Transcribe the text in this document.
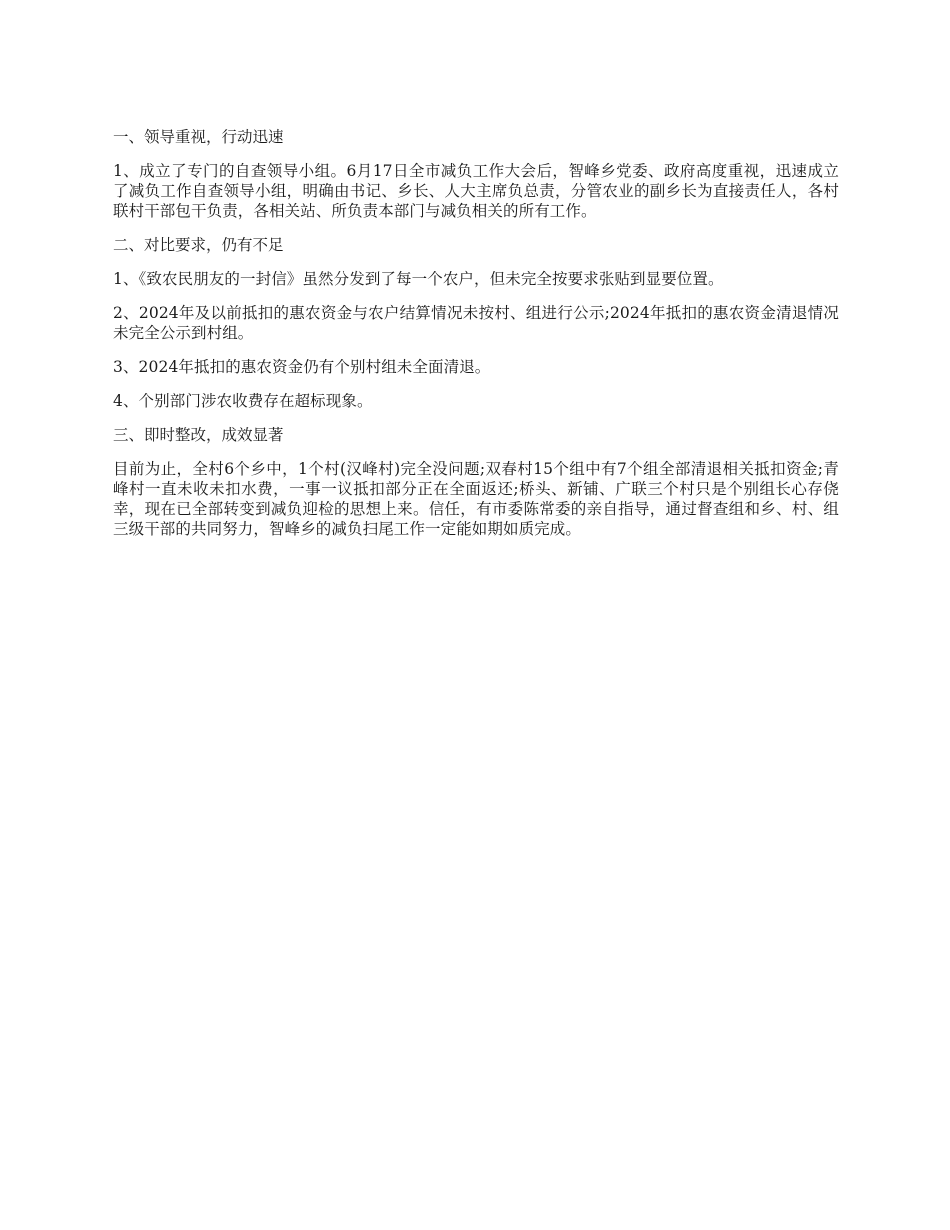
一、领导重视，行动迅速

1、成立了专门的自查领导小组。6月17日全市减负工作大会后，智峰乡党委、政府高度重视，迅速成立了减负工作自查领导小组，明确由书记、乡长、人大主席负总责，分管农业的副乡长为直接责任人，各村联村干部包干负责，各相关站、所负责本部门与减负相关的所有工作。

二、对比要求，仍有不足

1、《致农民朋友的一封信》虽然分发到了每一个农户，但未完全按要求张贴到显要位置。

2、2024年及以前抵扣的惠农资金与农户结算情况未按村、组进行公示;2024年抵扣的惠农资金清退情况未完全公示到村组。

3、2024年抵扣的惠农资金仍有个别村组未全面清退。

4、个别部门涉农收费存在超标现象。

三、即时整改，成效显著

目前为止，全村6个乡中，1个村(汉峰村)完全没问题;双春村15个组中有7个组全部清退相关抵扣资金;青峰村一直未收未扣水费，一事一议抵扣部分正在全面返还;桥头、新铺、广联三个村只是个别组长心存侥幸，现在已全部转变到减负迎检的思想上来。信任，有市委陈常委的亲自指导，通过督查组和乡、村、组三级干部的共同努力，智峰乡的减负扫尾工作一定能如期如质完成。
